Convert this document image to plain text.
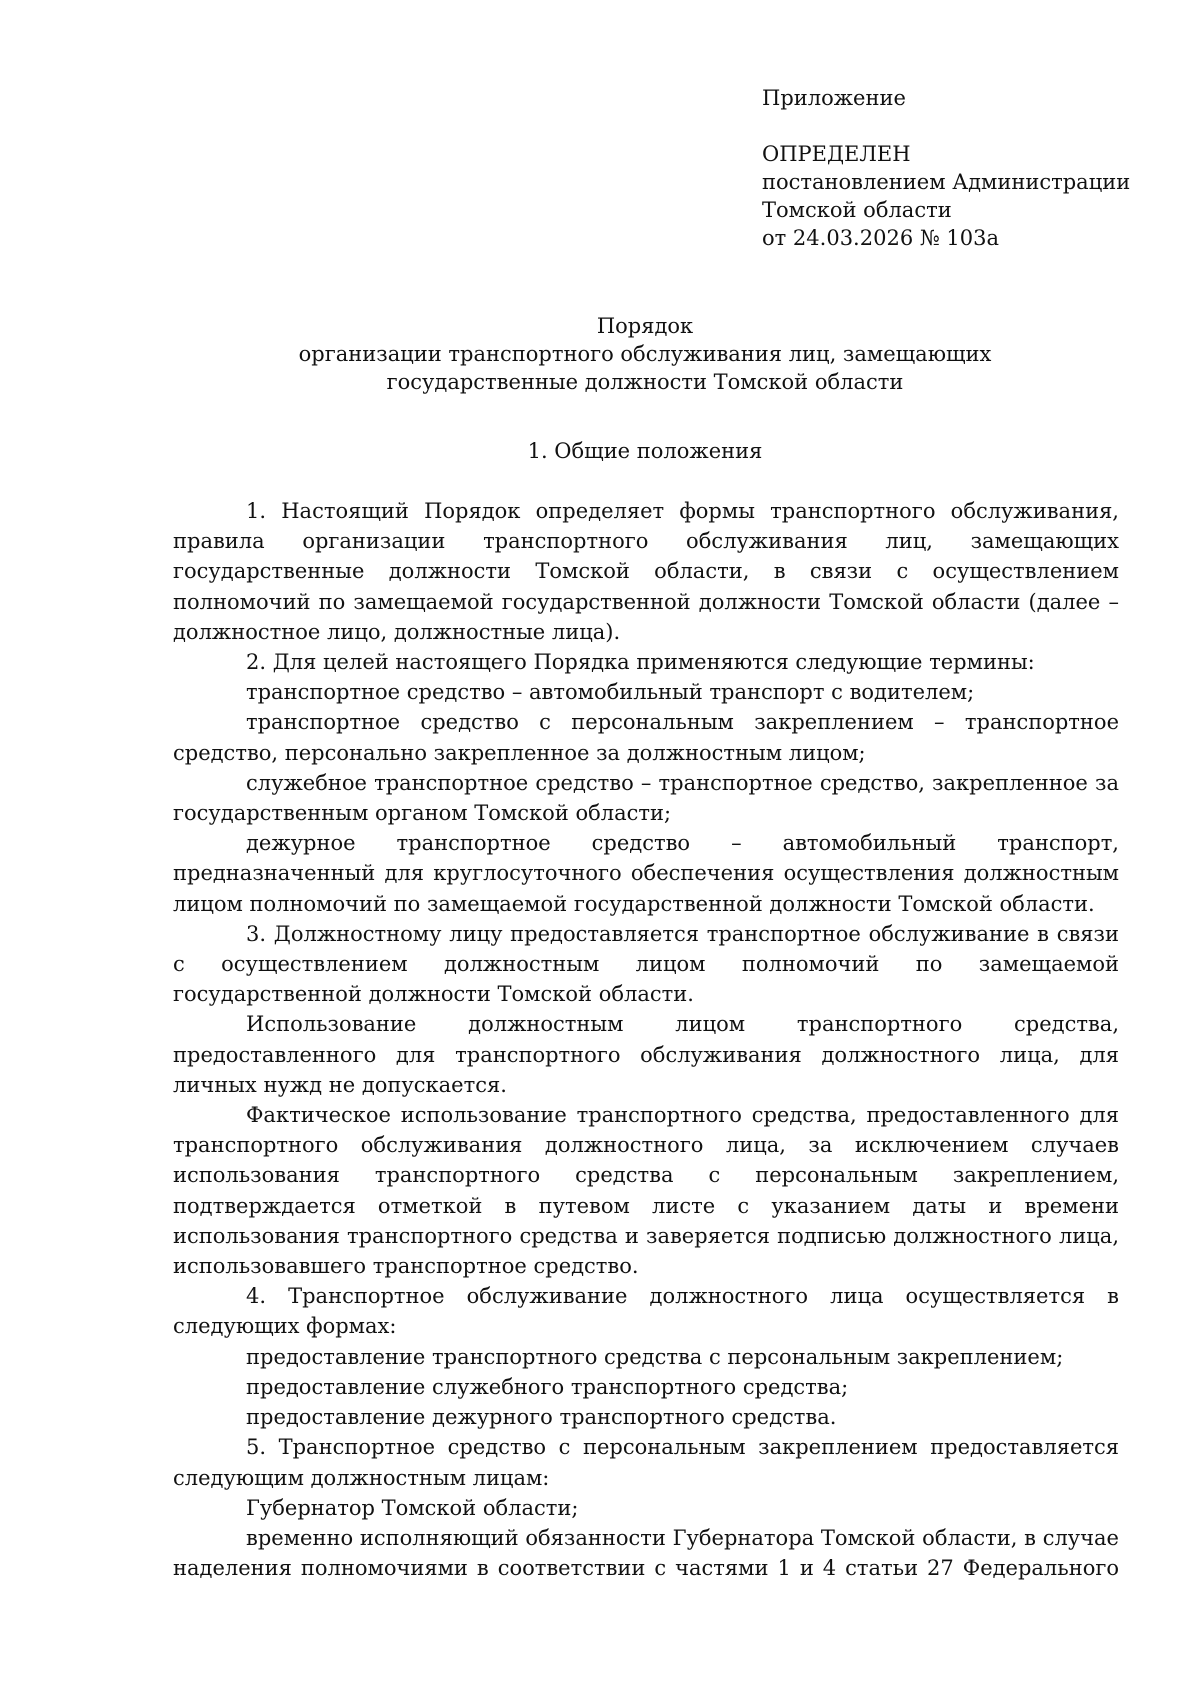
Приложение
ОПРЕДЕЛЕН
постановлением Администрации
Томской области
от 24.03.2026 № 103а
Порядок
организации транспортного обслуживания лиц, замещающих
государственные должности Томской области
1. Общие положения

1. Настоящий Порядок определяет формы транспортного обслуживания, правила организации транспортного обслуживания лиц, замещающих государственные должности Томской области, в связи с осуществлением полномочий по замещаемой государственной должности Томской области (далее – должностное лицо, должностные лица).

2. Для целей настоящего Порядка применяются следующие термины:

транспортное средство – автомобильный транспорт с водителем;

транспортное средство с персональным закреплением – транспортное средство, персонально закрепленное за должностным лицом;

служебное транспортное средство – транспортное средство, закрепленное за государственным органом Томской области;

дежурное транспортное средство – автомобильный транспорт, предназначенный для круглосуточного обеспечения осуществления должностным лицом полномочий по замещаемой государственной должности Томской области.

3. Должностному лицу предоставляется транспортное обслуживание в связи с осуществлением должностным лицом полномочий по замещаемой государственной должности Томской области.

Использование должностным лицом транспортного средства, предоставленного для транспортного обслуживания должностного лица, для личных нужд не допускается.

Фактическое использование транспортного средства, предоставленного для транспортного обслуживания должностного лица, за исключением случаев использования транспортного средства с персональным закреплением, подтверждается отметкой в путевом листе с указанием даты и времени использования транспортного средства и заверяется подписью должностного лица, использовавшего транспортное средство.

4. Транспортное обслуживание должностного лица осуществляется в следующих формах:

предоставление транспортного средства с персональным закреплением;

предоставление служебного транспортного средства;

предоставление дежурного транспортного средства.

5. Транспортное средство с персональным закреплением предоставляется следующим должностным лицам:

Губернатор Томской области;

временно исполняющий обязанности Губернатора Томской области, в случае наделения полномочиями в соответствии с частями 1 и 4 статьи 27 Федерального
